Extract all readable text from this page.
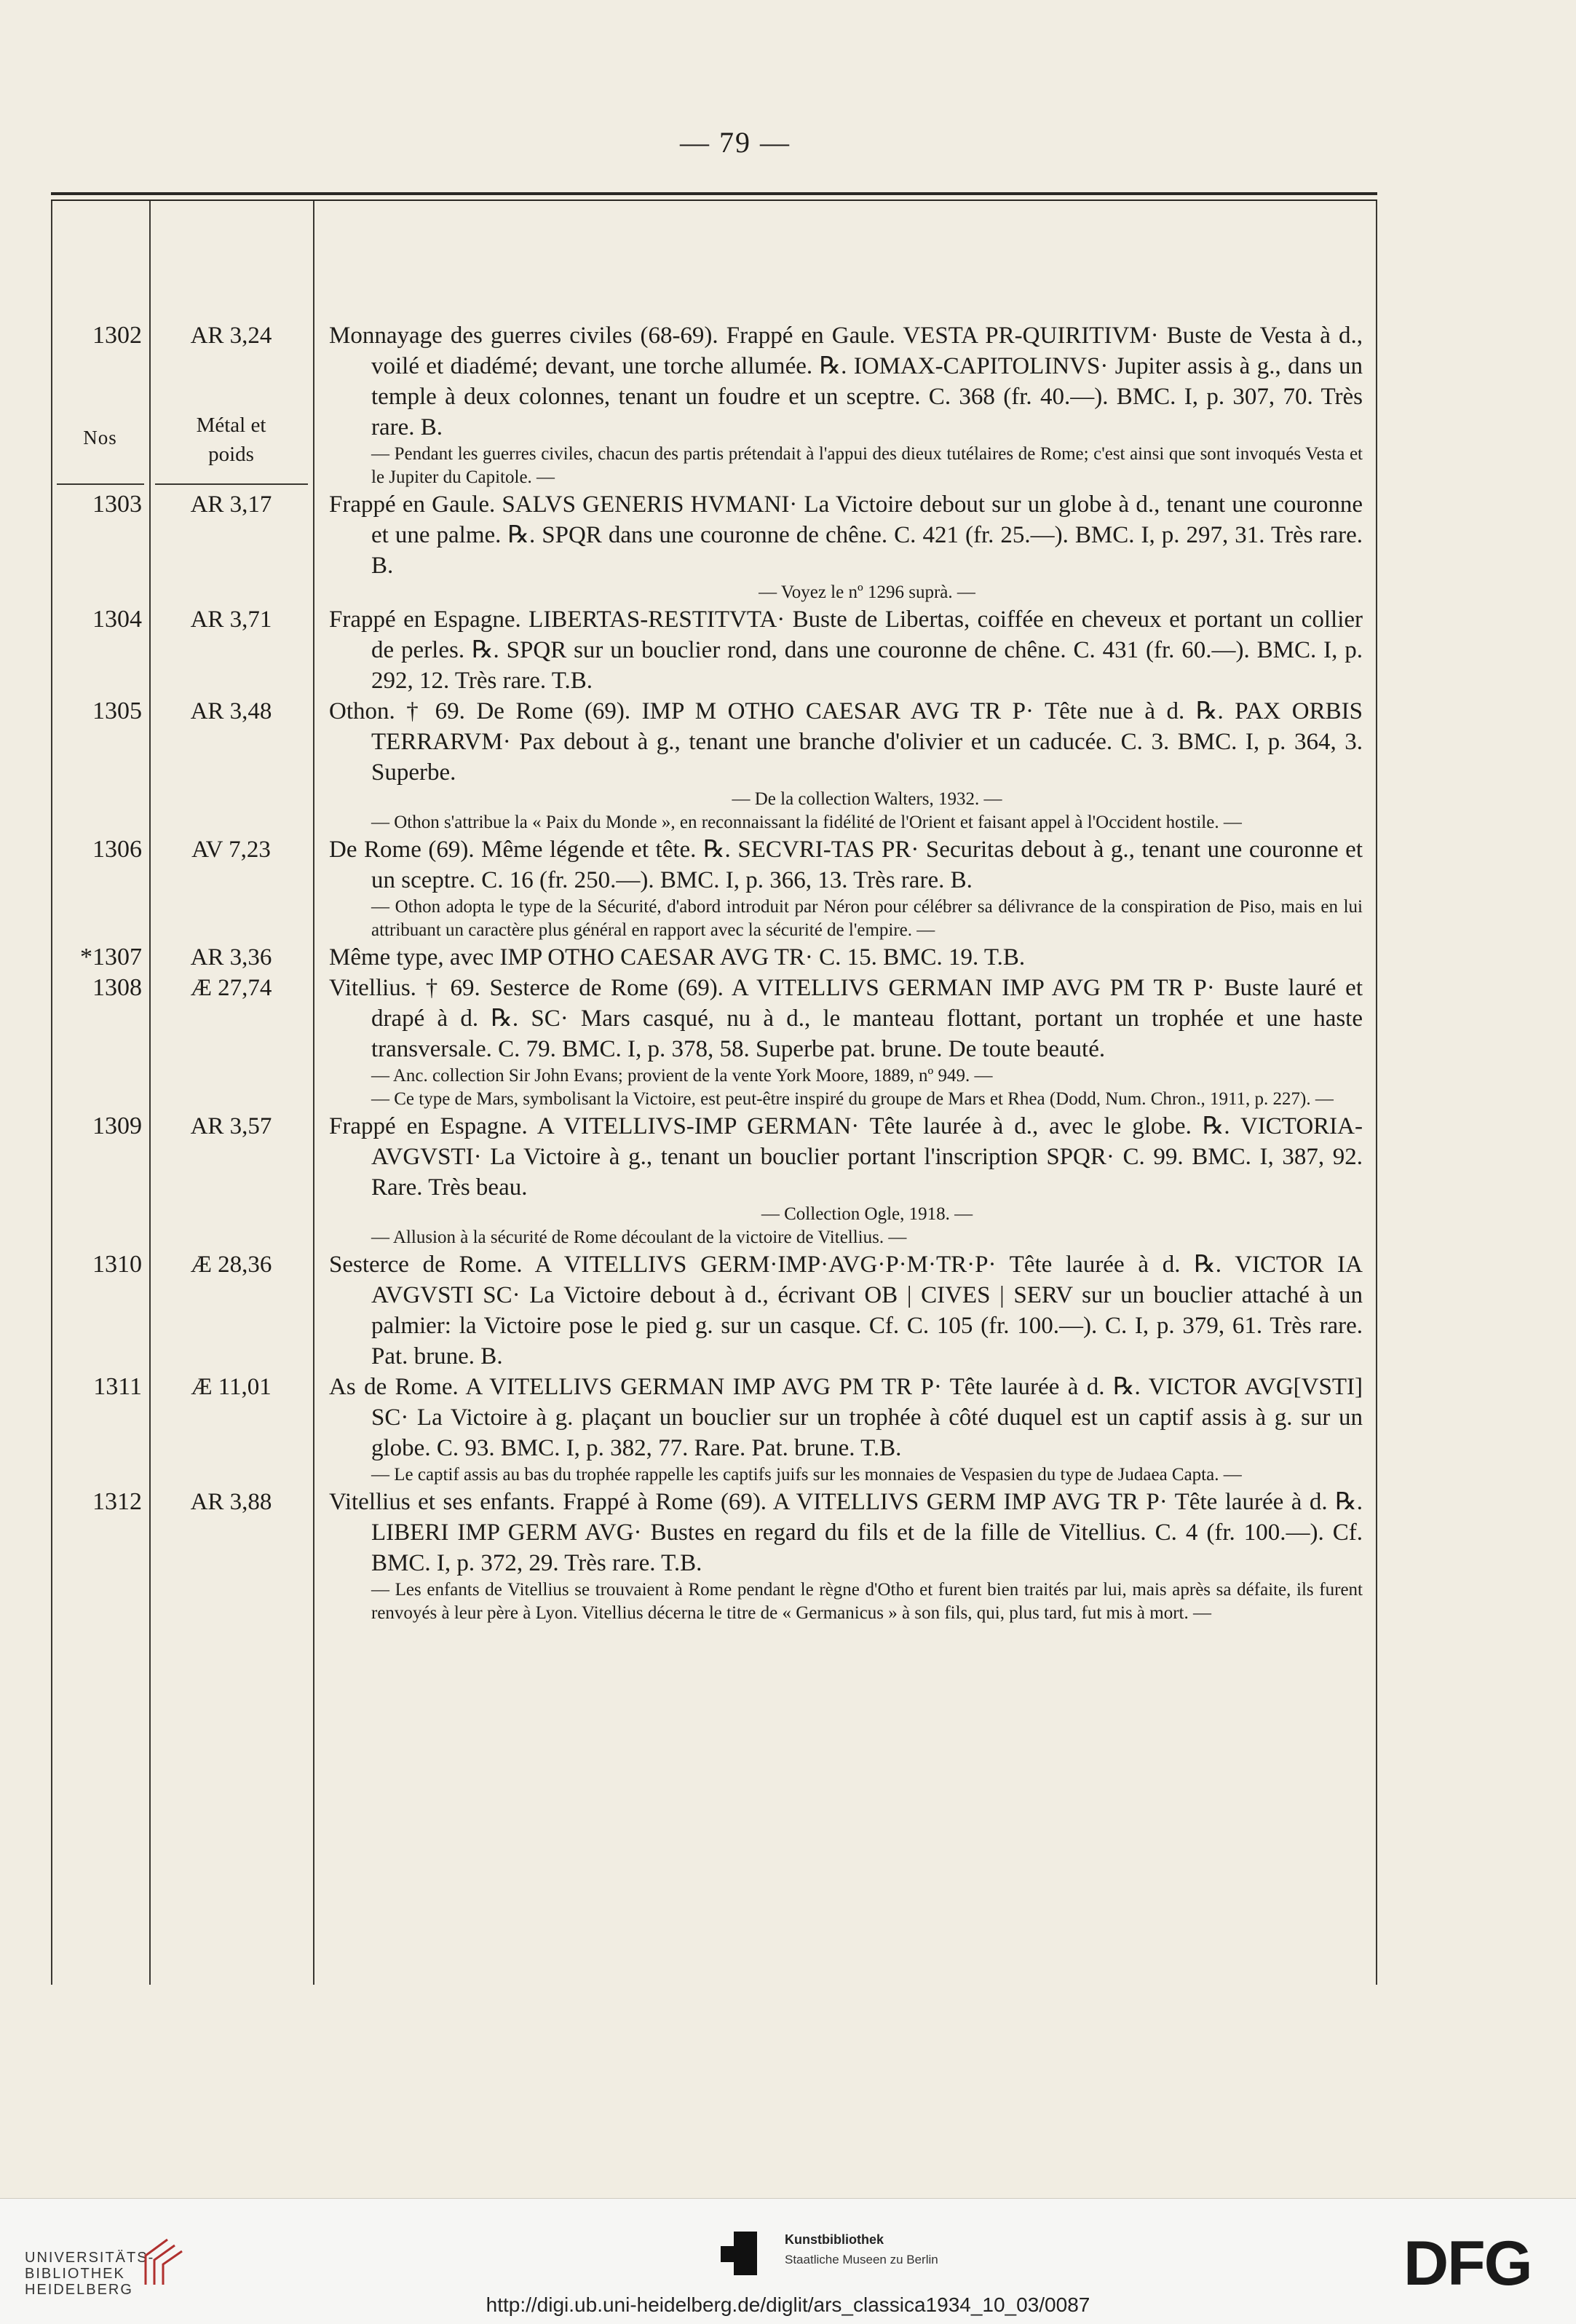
— 79 —
Nos
Métal et
poids
1302	AR 3,24	Monnayage des guerres civiles (68-69). Frappé en Gaule. VESTA PR-QUIRITIVM· Buste de Vesta à d., voilé et diadémé; devant, une torche allumée. ℞. IOMAX-CAPITOLINVS· Jupiter assis à g., dans un temple à deux colonnes, tenant un foudre et un sceptre. C. 368 (fr. 40.—). BMC. I, p. 307, 70. Très rare. B.
— Pendant les guerres civiles, chacun des partis prétendait à l'appui des dieux tutélaires de Rome; c'est ainsi que sont invoqués Vesta et le Jupiter du Capitole. —
1303	AR 3,17	Frappé en Gaule. SALVS GENERIS HVMANI· La Victoire debout sur un globe à d., tenant une couronne et une palme. ℞. SPQR dans une couronne de chêne. C. 421 (fr. 25.—). BMC. I, p. 297, 31. Très rare. B.
— Voyez le nº 1296 suprà. —
1304	AR 3,71	Frappé en Espagne. LIBERTAS-RESTITVTA· Buste de Libertas, coiffée en cheveux et portant un collier de perles. ℞. SPQR sur un bouclier rond, dans une couronne de chêne. C. 431 (fr. 60.—). BMC. I, p. 292, 12. Très rare. T.B.
1305	AR 3,48	Othon. † 69. De Rome (69). IMP M OTHO CAESAR AVG TR P· Tête nue à d. ℞. PAX ORBIS TERRARVM· Pax debout à g., tenant une branche d'olivier et un caducée. C. 3. BMC. I, p. 364, 3. Superbe.
— De la collection Walters, 1932. —
— Othon s'attribue la « Paix du Monde », en reconnaissant la fidélité de l'Orient et faisant appel à l'Occident hostile. —
1306	AV 7,23	De Rome (69). Même légende et tête. ℞. SECVRI-TAS PR· Securitas debout à g., tenant une couronne et un sceptre. C. 16 (fr. 250.—). BMC. I, p. 366, 13. Très rare. B.
— Othon adopta le type de la Sécurité, d'abord introduit par Néron pour célébrer sa délivrance de la conspiration de Piso, mais en lui attribuant un caractère plus général en rapport avec la sécurité de l'empire. —
*1307	AR 3,36	Même type, avec IMP OTHO CAESAR AVG TR· C. 15. BMC. 19. T.B.
1308	Æ 27,74	Vitellius. † 69. Sesterce de Rome (69). A VITELLIVS GERMAN IMP AVG PM TR P· Buste lauré et drapé à d. ℞. SC· Mars casqué, nu à d., le manteau flottant, portant un trophée et une haste transversale. C. 79. BMC. I, p. 378, 58. Superbe pat. brune. De toute beauté.
— Anc. collection Sir John Evans; provient de la vente York Moore, 1889, nº 949. —
— Ce type de Mars, symbolisant la Victoire, est peut-être inspiré du groupe de Mars et Rhea (Dodd, Num. Chron., 1911, p. 227). —
1309	AR 3,57	Frappé en Espagne. A VITELLIVS-IMP GERMAN· Tête laurée à d., avec le globe. ℞. VICTORIA-AVGVSTI· La Victoire à g., tenant un bouclier portant l'inscription SPQR· C. 99. BMC. I, 387, 92. Rare. Très beau.
— Collection Ogle, 1918. —
— Allusion à la sécurité de Rome découlant de la victoire de Vitellius. —
1310	Æ 28,36	Sesterce de Rome. A VITELLIVS GERM·IMP·AVG·P·M·TR·P· Tête laurée à d. ℞. VICTOR IA AVGVSTI SC· La Victoire debout à d., écrivant OB | CIVES | SERV sur un bouclier attaché à un palmier: la Victoire pose le pied g. sur un casque. Cf. C. 105 (fr. 100.—). C. I, p. 379, 61. Très rare. Pat. brune. B.
1311	Æ 11,01	As de Rome. A VITELLIVS GERMAN IMP AVG PM TR P· Tête laurée à d. ℞. VICTOR AVG[VSTI] SC· La Victoire à g. plaçant un bouclier sur un trophée à côté duquel est un captif assis à g. sur un globe. C. 93. BMC. I, p. 382, 77. Rare. Pat. brune. T.B.
— Le captif assis au bas du trophée rappelle les captifs juifs sur les monnaies de Vespasien du type de Judaea Capta. —
1312	AR 3,88	Vitellius et ses enfants. Frappé à Rome (69). A VITELLIVS GERM IMP AVG TR P· Tête laurée à d. ℞. LIBERI IMP GERM AVG· Bustes en regard du fils et de la fille de Vitellius. C. 4 (fr. 100.—). Cf. BMC. I, p. 372, 29. Très rare. T.B.
— Les enfants de Vitellius se trouvaient à Rome pendant le règne d'Otho et furent bien traités par lui, mais après sa défaite, ils furent renvoyés à leur père à Lyon. Vitellius décerna le titre de « Germanicus » à son fils, qui, plus tard, fut mis à mort. —
UNIVERSITÄTS-
BIBLIOTHEK
HEIDELBERG
Kunstbibliothek
Staatliche Museen zu Berlin	DFG
http://digi.ub.uni-heidelberg.de/diglit/ars_classica1934_10_03/0087
